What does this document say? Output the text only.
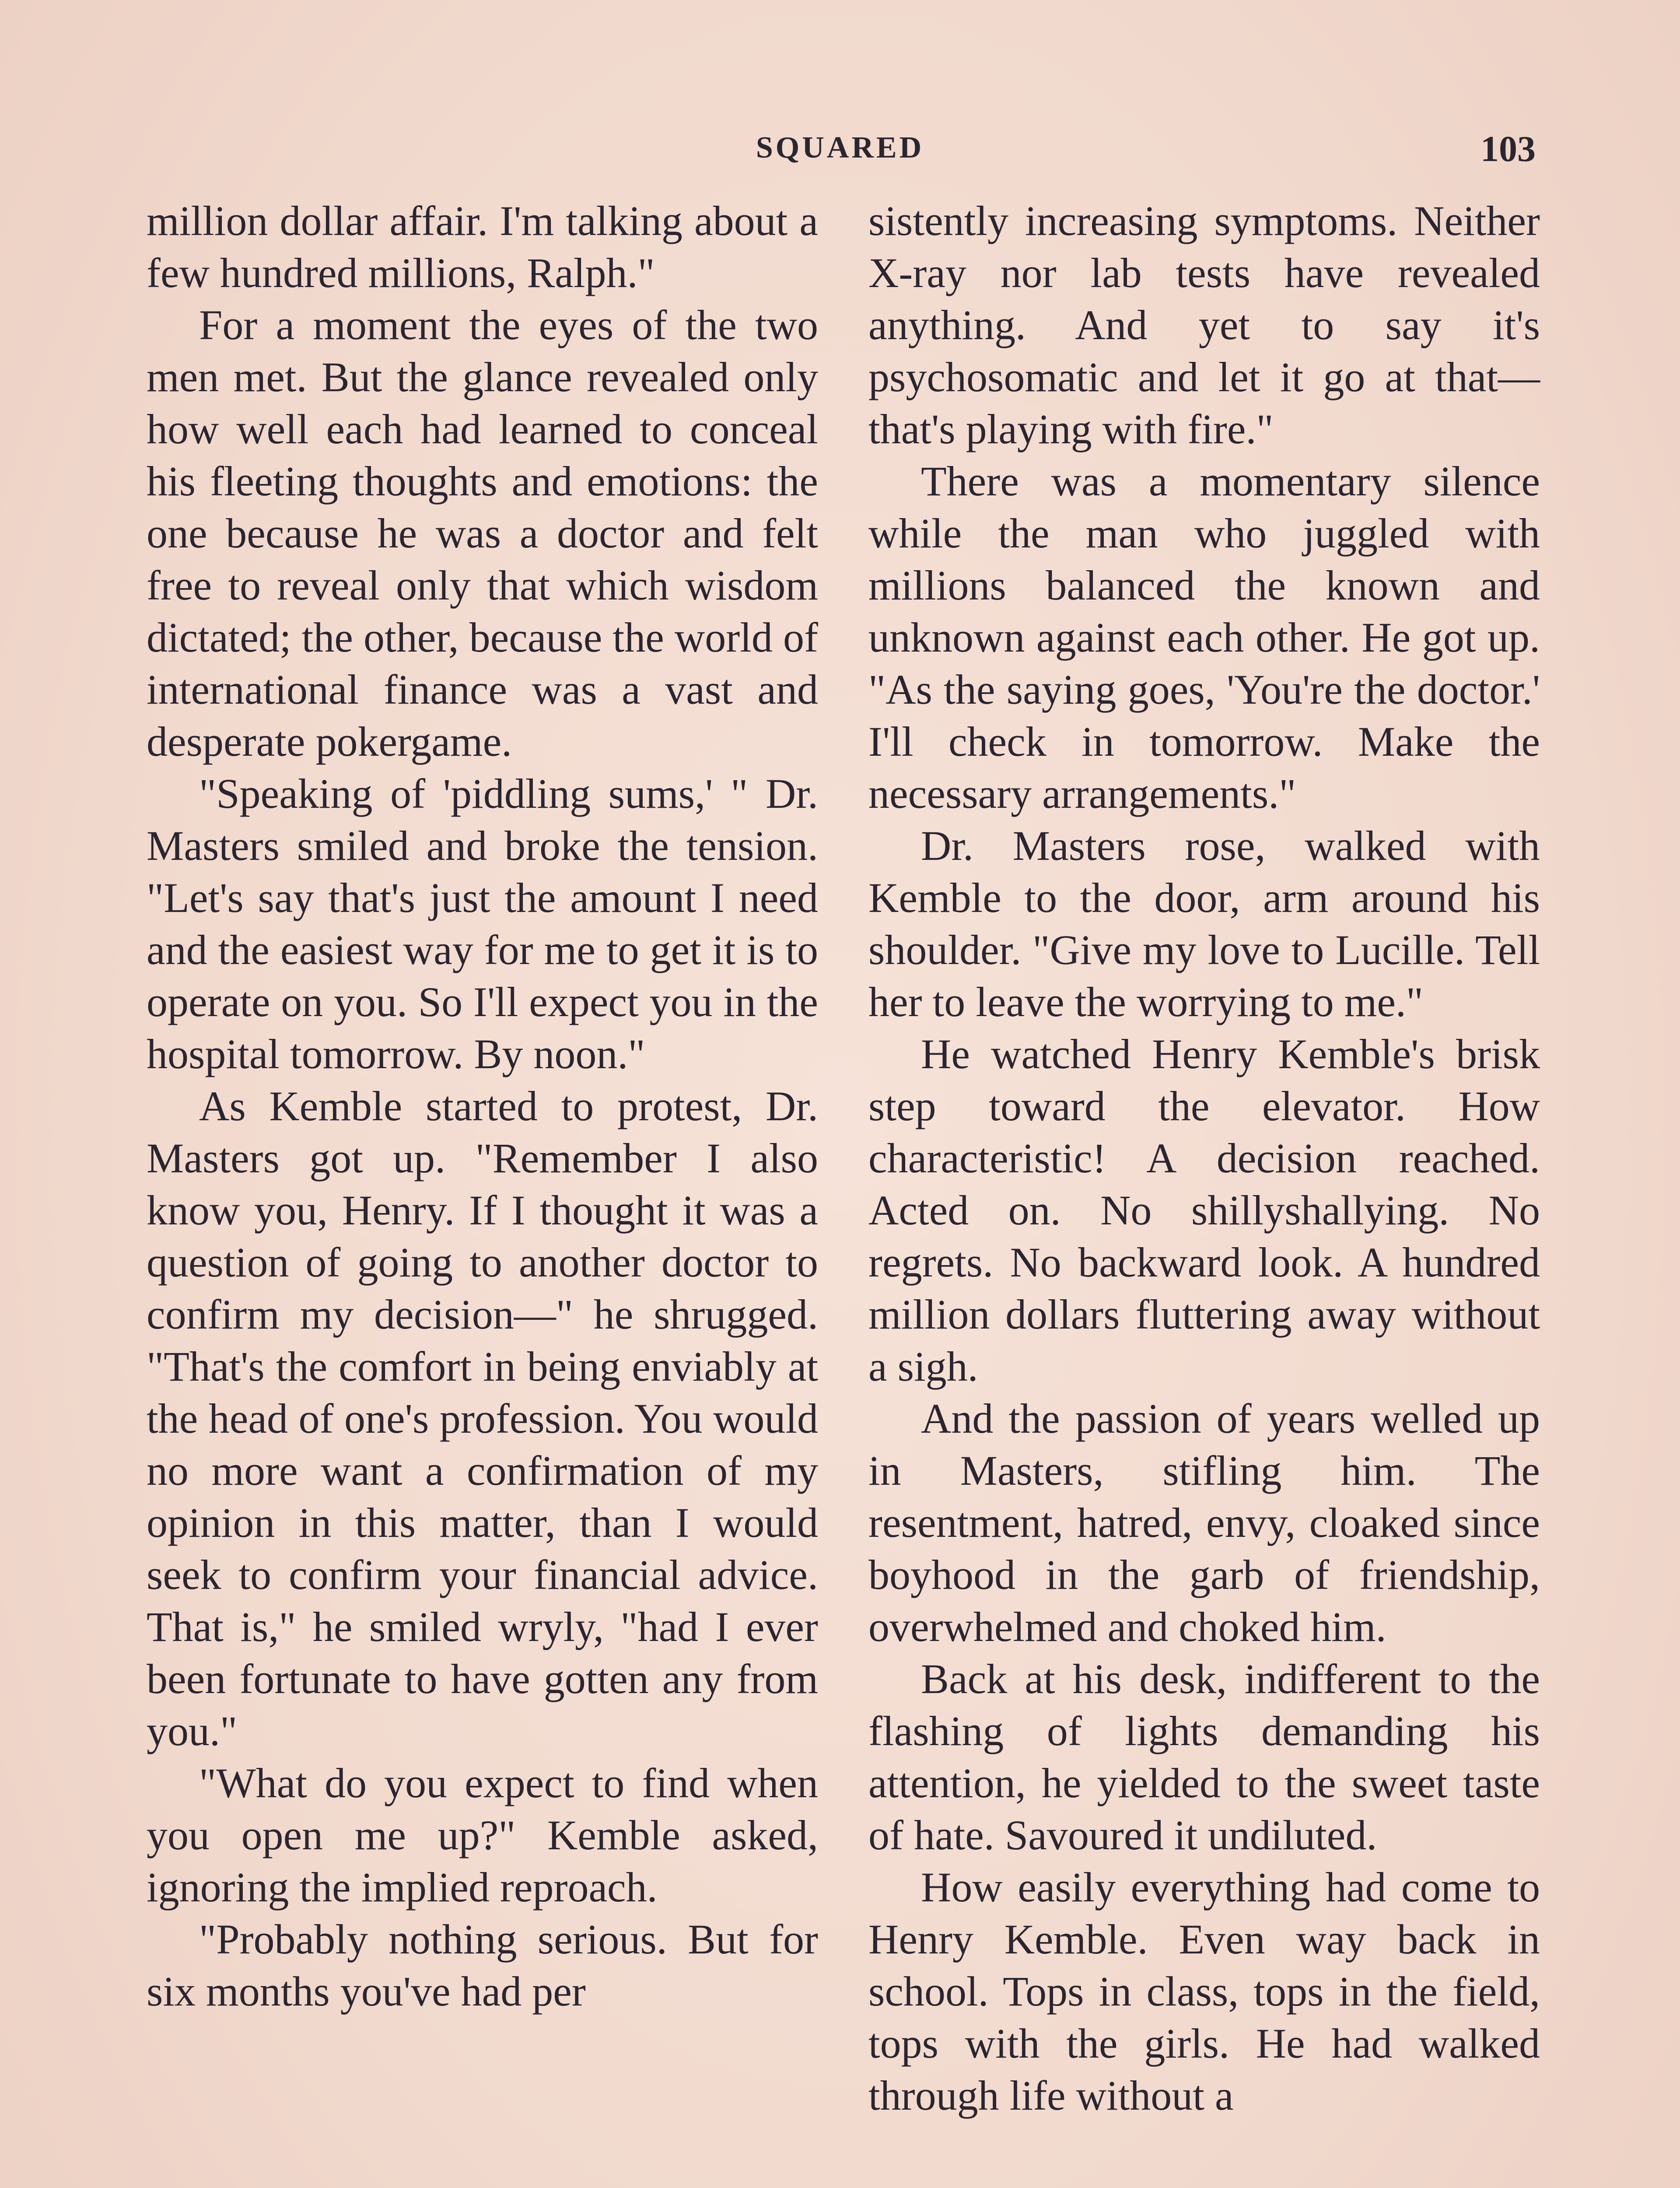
SQUARED	103

million dollar affair. I'm talking about a few hundred millions, Ralph."

For a moment the eyes of the two men met. But the glance revealed only how well each had learned to conceal his fleeting thoughts and emotions: the one because he was a doctor and felt free to reveal only that which wisdom dictated; the other, because the world of international finance was a vast and desperate pokergame.

"Speaking of 'piddling sums,' " Dr. Masters smiled and broke the tension. "Let's say that's just the amount I need and the easiest way for me to get it is to operate on you. So I'll expect you in the hospital tomorrow. By noon."

As Kemble started to protest, Dr. Masters got up. "Remember I also know you, Henry. If I thought it was a question of going to another doctor to confirm my decision—" he shrugged. "That's the comfort in being enviably at the head of one's profession. You would no more want a confirmation of my opinion in this matter, than I would seek to confirm your financial advice. That is," he smiled wryly, "had I ever been fortunate to have gotten any from you."

"What do you expect to find when you open me up?" Kemble asked, ignoring the implied reproach.

"Probably nothing serious. But for six months you've had per

sistently increasing symptoms. Neither X-ray nor lab tests have revealed anything. And yet to say it's psychosomatic and let it go at that—that's playing with fire."

There was a momentary silence while the man who juggled with millions balanced the known and unknown against each other. He got up. "As the saying goes, 'You're the doctor.' I'll check in tomorrow. Make the necessary arrangements."

Dr. Masters rose, walked with Kemble to the door, arm around his shoulder. "Give my love to Lucille. Tell her to leave the worrying to me."

He watched Henry Kemble's brisk step toward the elevator. How characteristic! A decision reached. Acted on. No shillyshallying. No regrets. No backward look. A hundred million dollars fluttering away without a sigh.

And the passion of years welled up in Masters, stifling him. The resentment, hatred, envy, cloaked since boyhood in the garb of friendship, overwhelmed and choked him.

Back at his desk, indifferent to the flashing of lights demanding his attention, he yielded to the sweet taste of hate. Savoured it undiluted.

How easily everything had come to Henry Kemble. Even way back in school. Tops in class, tops in the field, tops with the girls. He had walked through life without a
